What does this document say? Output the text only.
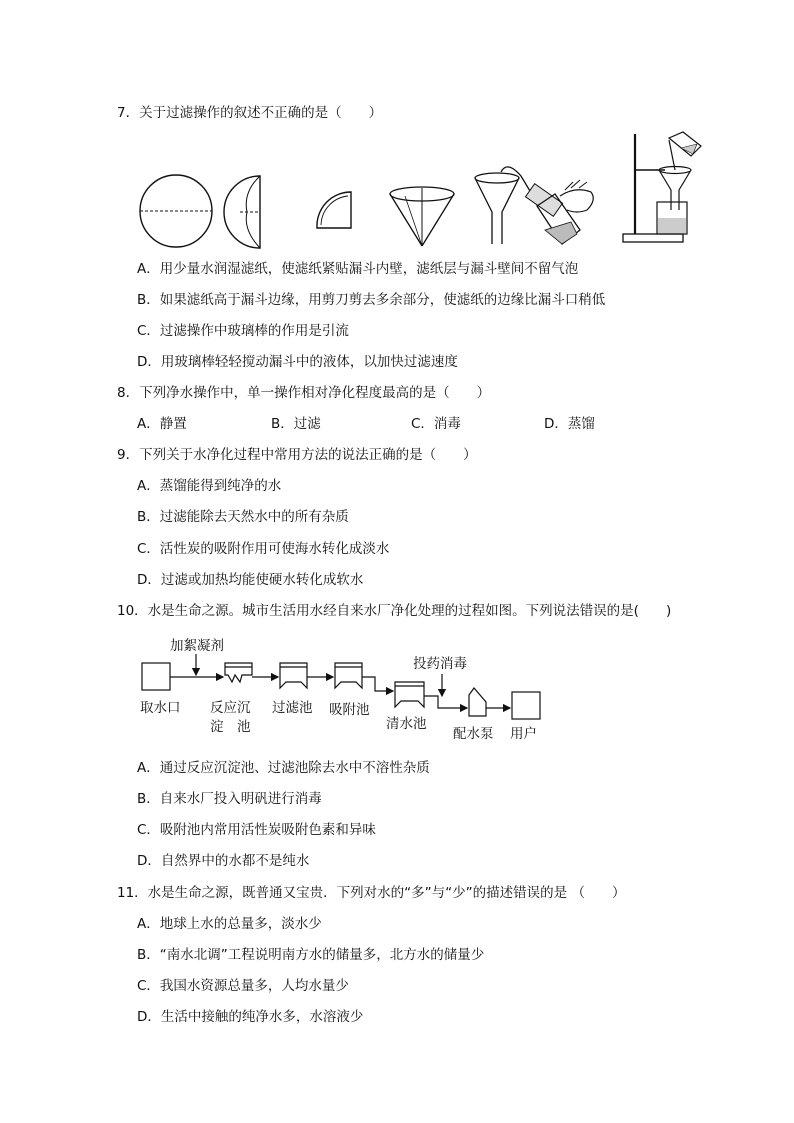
7．关于过滤操作的叙述不正确的是（　　）
A．用少量水润湿滤纸，使滤纸紧贴漏斗内壁，滤纸层与漏斗壁间不留气泡
B．如果滤纸高于漏斗边缘，用剪刀剪去多余部分，使滤纸的边缘比漏斗口稍低
C．过滤操作中玻璃棒的作用是引流
D．用玻璃棒轻轻搅动漏斗中的液体，以加快过滤速度
8．下列净水操作中，单一操作相对净化程度最高的是（　　）
A．静置	B．过滤	C．消毒	D．蒸馏
9．下列关于水净化过程中常用方法的说法正确的是（　　）
A．蒸馏能得到纯净的水
B．过滤能除去天然水中的所有杂质
C．活性炭的吸附作用可使海水转化成淡水
D．过滤或加热均能使硬水转化成软水
10．水是生命之源。城市生活用水经自来水厂净化处理的过程如图。下列说法错误的是(　　)
加絮凝剂
投药消毒
取水口 反应沉
淀　池
过滤池 吸附池
清水池
配水泵 用户
A．通过反应沉淀池、过滤池除去水中不溶性杂质
B．自来水厂投入明矾进行消毒
C．吸附池内常用活性炭吸附色素和异味
D．自然界中的水都不是纯水
11．水是生命之源，既普通又宝贵．下列对水的“多”与“少”的描述错误的是 （　　）
A．地球上水的总量多，淡水少
B．“南水北调”工程说明南方水的储量多，北方水的储量少
C．我国水资源总量多，人均水量少
D．生活中接触的纯净水多，水溶液少
